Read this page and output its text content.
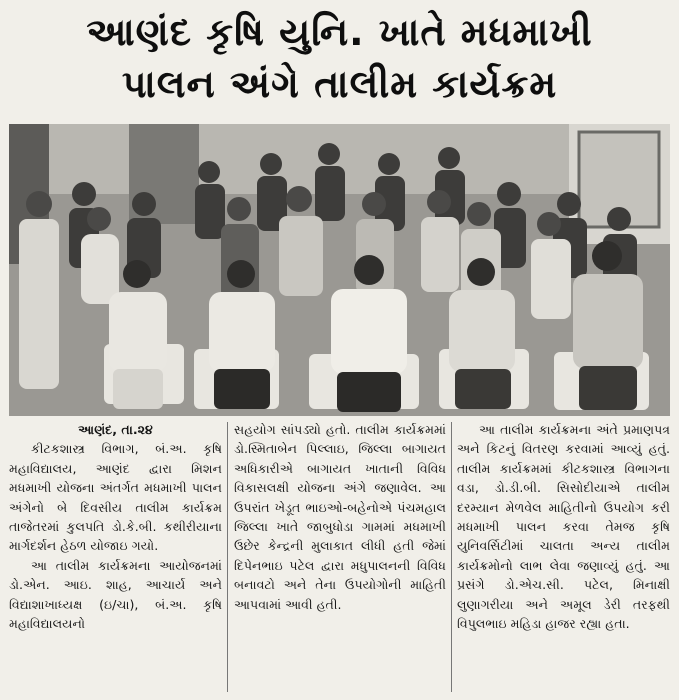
આણંદ કૃષિ યુનિ. ખાતે મધમાખી
પાલન અંગે તાલીમ કાર્યક્રમ

આણંદ, તા.૨૪

કીટકશાસ્ત્ર વિભાગ, બં.અ. કૃષિ મહાવિદ્યાલય, આણંદ દ્વારા મિશન મધમાખી યોજના અંતર્ગત મધમાખી પાલન અંગેનો બે દિવસીય તાલીમ કાર્યક્રમ તાજેતરમાં કુલપતિ ડો.કે.બી. કથીરીયાના માર્ગદર્શન હેઠળ યોજાઇ ગયો.

આ તાલીમ કાર્યક્રમના આયોજનમાં ડો.એન. આઇ. શાહ, આચાર્ય અને વિદ્યાશાખાધ્યક્ષ (ઇ/ચા), બં.અ. કૃષિ મહાવિદ્યાલયનો

સહયોગ સાંપડ્યો હતો. તાલીમ કાર્યક્રમમાં ડો.સ્મિતાબેન પિલ્લાઇ, જિલ્લા બાગાયત અધિકારીએ બાગાયત ખાતાની વિવિધ વિકાસલક્ષી યોજના અંગે જણાવેલ. આ ઉપરાંત ખેડૂત ભાઇઓ-બહેનોએ પંચમહાલ જિલ્લા ખાતે જાબુધોડા ગામમાં મધમાખી ઉછેર કેન્દ્રની મુલાકાત લીધી હતી જેમાં દિપેનભાઇ પટેલ દ્વારા મધુપાલનની વિવિધ બનાવટો અને તેના ઉપયોગોની માહિતી આપવામાં આવી હતી.

આ તાલીમ કાર્યક્રમના અંતે પ્રમાણપત્ર અને કિટનું વિતરણ કરવામાં આવ્યું હતું. તાલીમ કાર્યક્રમમાં કીટકશાસ્ત્ર વિભાગના વડા, ડો.ડી.બી. સિસોદીયાએ તાલીમ દરમ્યાન મેળવેલ માહિતીનો ઉપયોગ કરી મધમાખી પાલન કરવા તેમજ કૃષિ યુનિવર્સિટીમાં ચાલતા અન્ય તાલીમ કાર્યક્રમોનો લાભ લેવા જણાવ્યું હતું. આ પ્રસંગે ડો.એચ.સી. પટેલ, મિનાક્ષી લુણાગરીયા અને અમૂલ ડેરી તરફથી વિપુલભાઇ મહિડા હાજર રહ્યા હતા.
